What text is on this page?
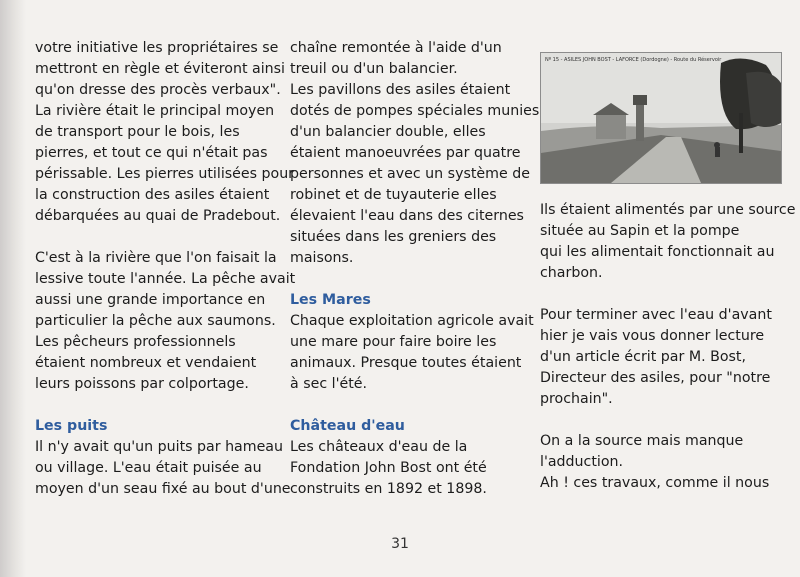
votre initiative les propriétaires se
mettront en règle et éviteront ainsi
qu'on dresse des procès verbaux".
La rivière était le principal moyen
de transport pour le bois, les
pierres, et tout ce qui n'était pas
périssable. Les pierres utilisées pour
la construction des asiles étaient
débarquées au quai de Pradebout.
C'est à la rivière que l'on faisait la
lessive toute l'année. La pêche avait
aussi une grande importance en
particulier la pêche aux saumons.
Les pêcheurs professionnels
étaient nombreux et vendaient
leurs poissons par colportage.
Les puits
Il n'y avait qu'un puits par hameau
ou village. L'eau était puisée au
moyen d'un seau fixé au bout d'une
chaîne remontée à l'aide d'un
treuil ou d'un balancier.
Les pavillons des asiles étaient
dotés de pompes spéciales munies
d'un balancier double, elles
étaient manoeuvrées par quatre
personnes et avec un système de
robinet et de tuyauterie elles
élevaient l'eau dans des citernes
situées dans les greniers des
maisons.
Les Mares
Chaque exploitation agricole avait
une mare pour faire boire les
animaux. Presque toutes étaient
à sec l'été.
Château d'eau
Les châteaux d'eau de la
Fondation John Bost ont été
construits en 1892 et 1898.
Nº 15 - ASILES JOHN BOST - LAFORCE (Dordogne) - Route du Réservoir
Ils étaient alimentés par une source
située au Sapin et la pompe
qui les alimentait fonctionnait au
charbon.
Pour terminer avec l'eau d'avant
hier je vais vous donner lecture
d'un article écrit par M. Bost,
Directeur des asiles, pour "notre
prochain".
On a la source mais manque
l'adduction.
Ah ! ces travaux, comme il nous
31
